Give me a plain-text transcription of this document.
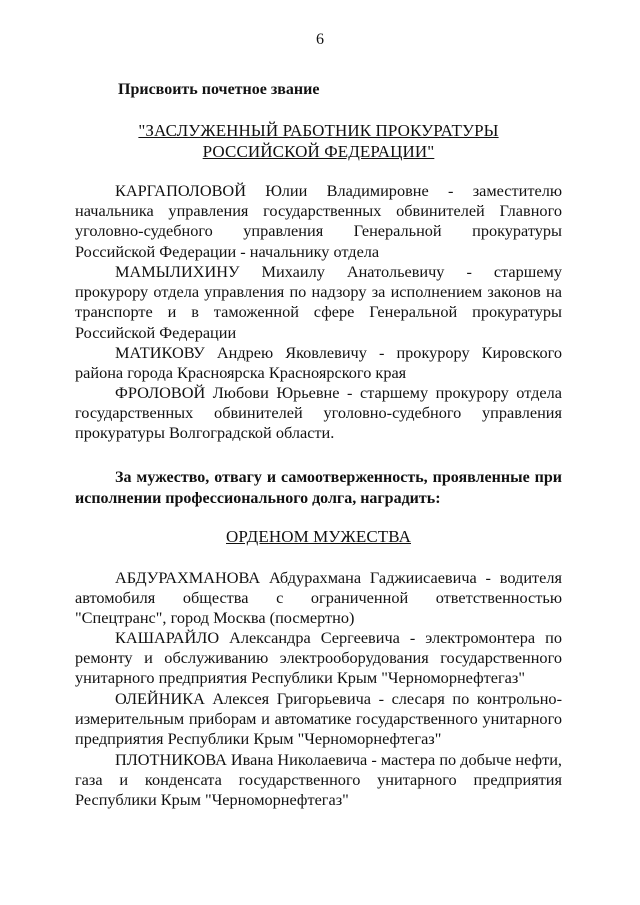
6
Присвоить почетное звание
"ЗАСЛУЖЕННЫЙ РАБОТНИК ПРОКУРАТУРЫ
РОССИЙСКОЙ ФЕДЕРАЦИИ"
КАРГАПОЛОВОЙ Юлии Владимировне - заместителю начальника управления государственных обвинителей Главного уголовно-судебного управления Генеральной прокуратуры Российской Федерации - начальнику отдела
МАМЫЛИХИНУ Михаилу Анатольевичу - старшему прокурору отдела управления по надзору за исполнением законов на транспорте и в таможенной сфере Генеральной прокуратуры Российской Федерации
МАТИКОВУ Андрею Яковлевичу - прокурору Кировского района города Красноярска Красноярского края
ФРОЛОВОЙ Любови Юрьевне - старшему прокурору отдела государственных обвинителей уголовно-судебного управления прокуратуры Волгоградской области.
За мужество, отвагу и самоотверженность, проявленные при исполнении профессионального долга, наградить:
ОРДЕНОМ МУЖЕСТВА
АБДУРАХМАНОВА Абдурахмана Гаджиисаевича - водителя автомобиля общества с ограниченной ответственностью "Спецтранс", город Москва (посмертно)
КАШАРАЙЛО Александра Сергеевича - электромонтера по ремонту и обслуживанию электрооборудования государственного унитарного предприятия Республики Крым "Черноморнефтегаз"
ОЛЕЙНИКА Алексея Григорьевича - слесаря по контрольно-измерительным приборам и автоматике государственного унитарного предприятия Республики Крым "Черноморнефтегаз"
ПЛОТНИКОВА Ивана Николаевича - мастера по добыче нефти, газа и конденсата государственного унитарного предприятия Республики Крым "Черноморнефтегаз"
